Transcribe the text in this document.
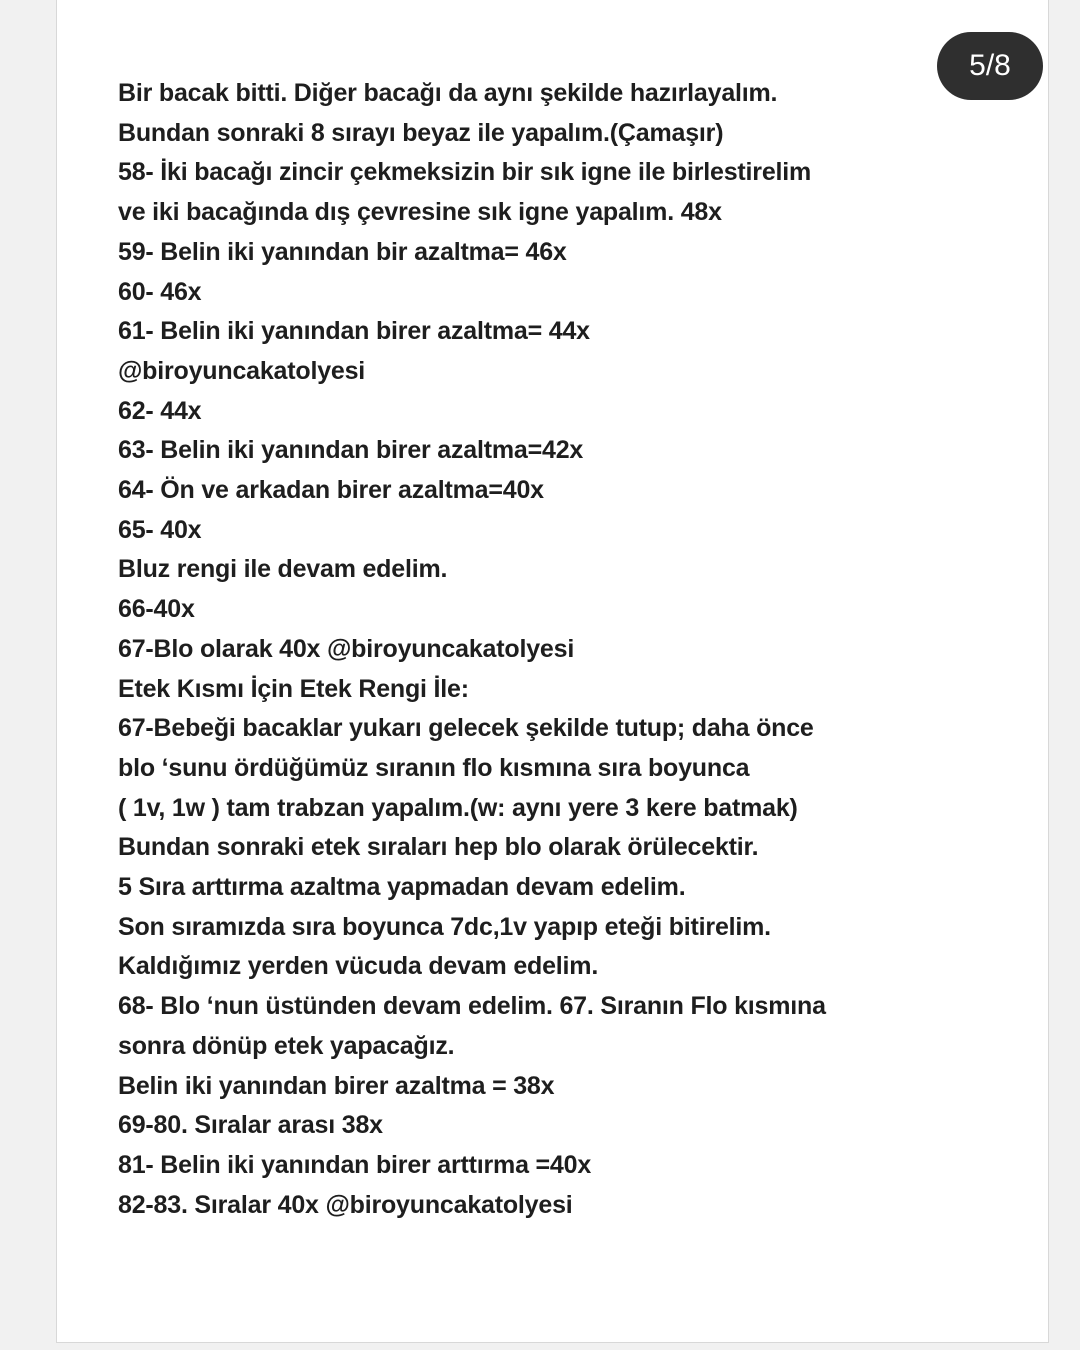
Bir bacak bitti. Diğer bacağı da aynı şekilde hazırlayalım.
Bundan sonraki 8 sırayı beyaz ile yapalım.(Çamaşır)
58- İki bacağı zincir çekmeksizin bir sık igne ile birlestirelim
ve iki bacağında dış çevresine sık igne yapalım. 48x
59- Belin iki yanından bir azaltma= 46x
60- 46x
61- Belin iki yanından birer azaltma= 44x
@biroyuncakatolyesi
62- 44x
63- Belin iki yanından birer azaltma=42x
64- Ön ve arkadan birer azaltma=40x
65- 40x
Bluz rengi ile devam edelim.
66-40x
67-Blo olarak 40x @biroyuncakatolyesi
Etek Kısmı İçin Etek Rengi İle:
67-Bebeği bacaklar yukarı gelecek şekilde tutup; daha önce
blo ‘sunu ördüğümüz sıranın flo kısmına sıra boyunca
( 1v, 1w ) tam trabzan yapalım.(w: aynı yere 3 kere batmak)
Bundan sonraki etek sıraları hep blo olarak örülecektir.
5 Sıra arttırma azaltma yapmadan devam edelim.
Son sıramızda sıra boyunca 7dc,1v yapıp eteği bitirelim.
Kaldığımız yerden vücuda devam edelim.
68- Blo ‘nun üstünden devam edelim. 67. Sıranın Flo kısmına
sonra dönüp etek yapacağız.
Belin iki yanından birer azaltma = 38x
69-80. Sıralar arası 38x
81- Belin iki yanından birer arttırma =40x
82-83. Sıralar 40x @biroyuncakatolyesi
5/8
